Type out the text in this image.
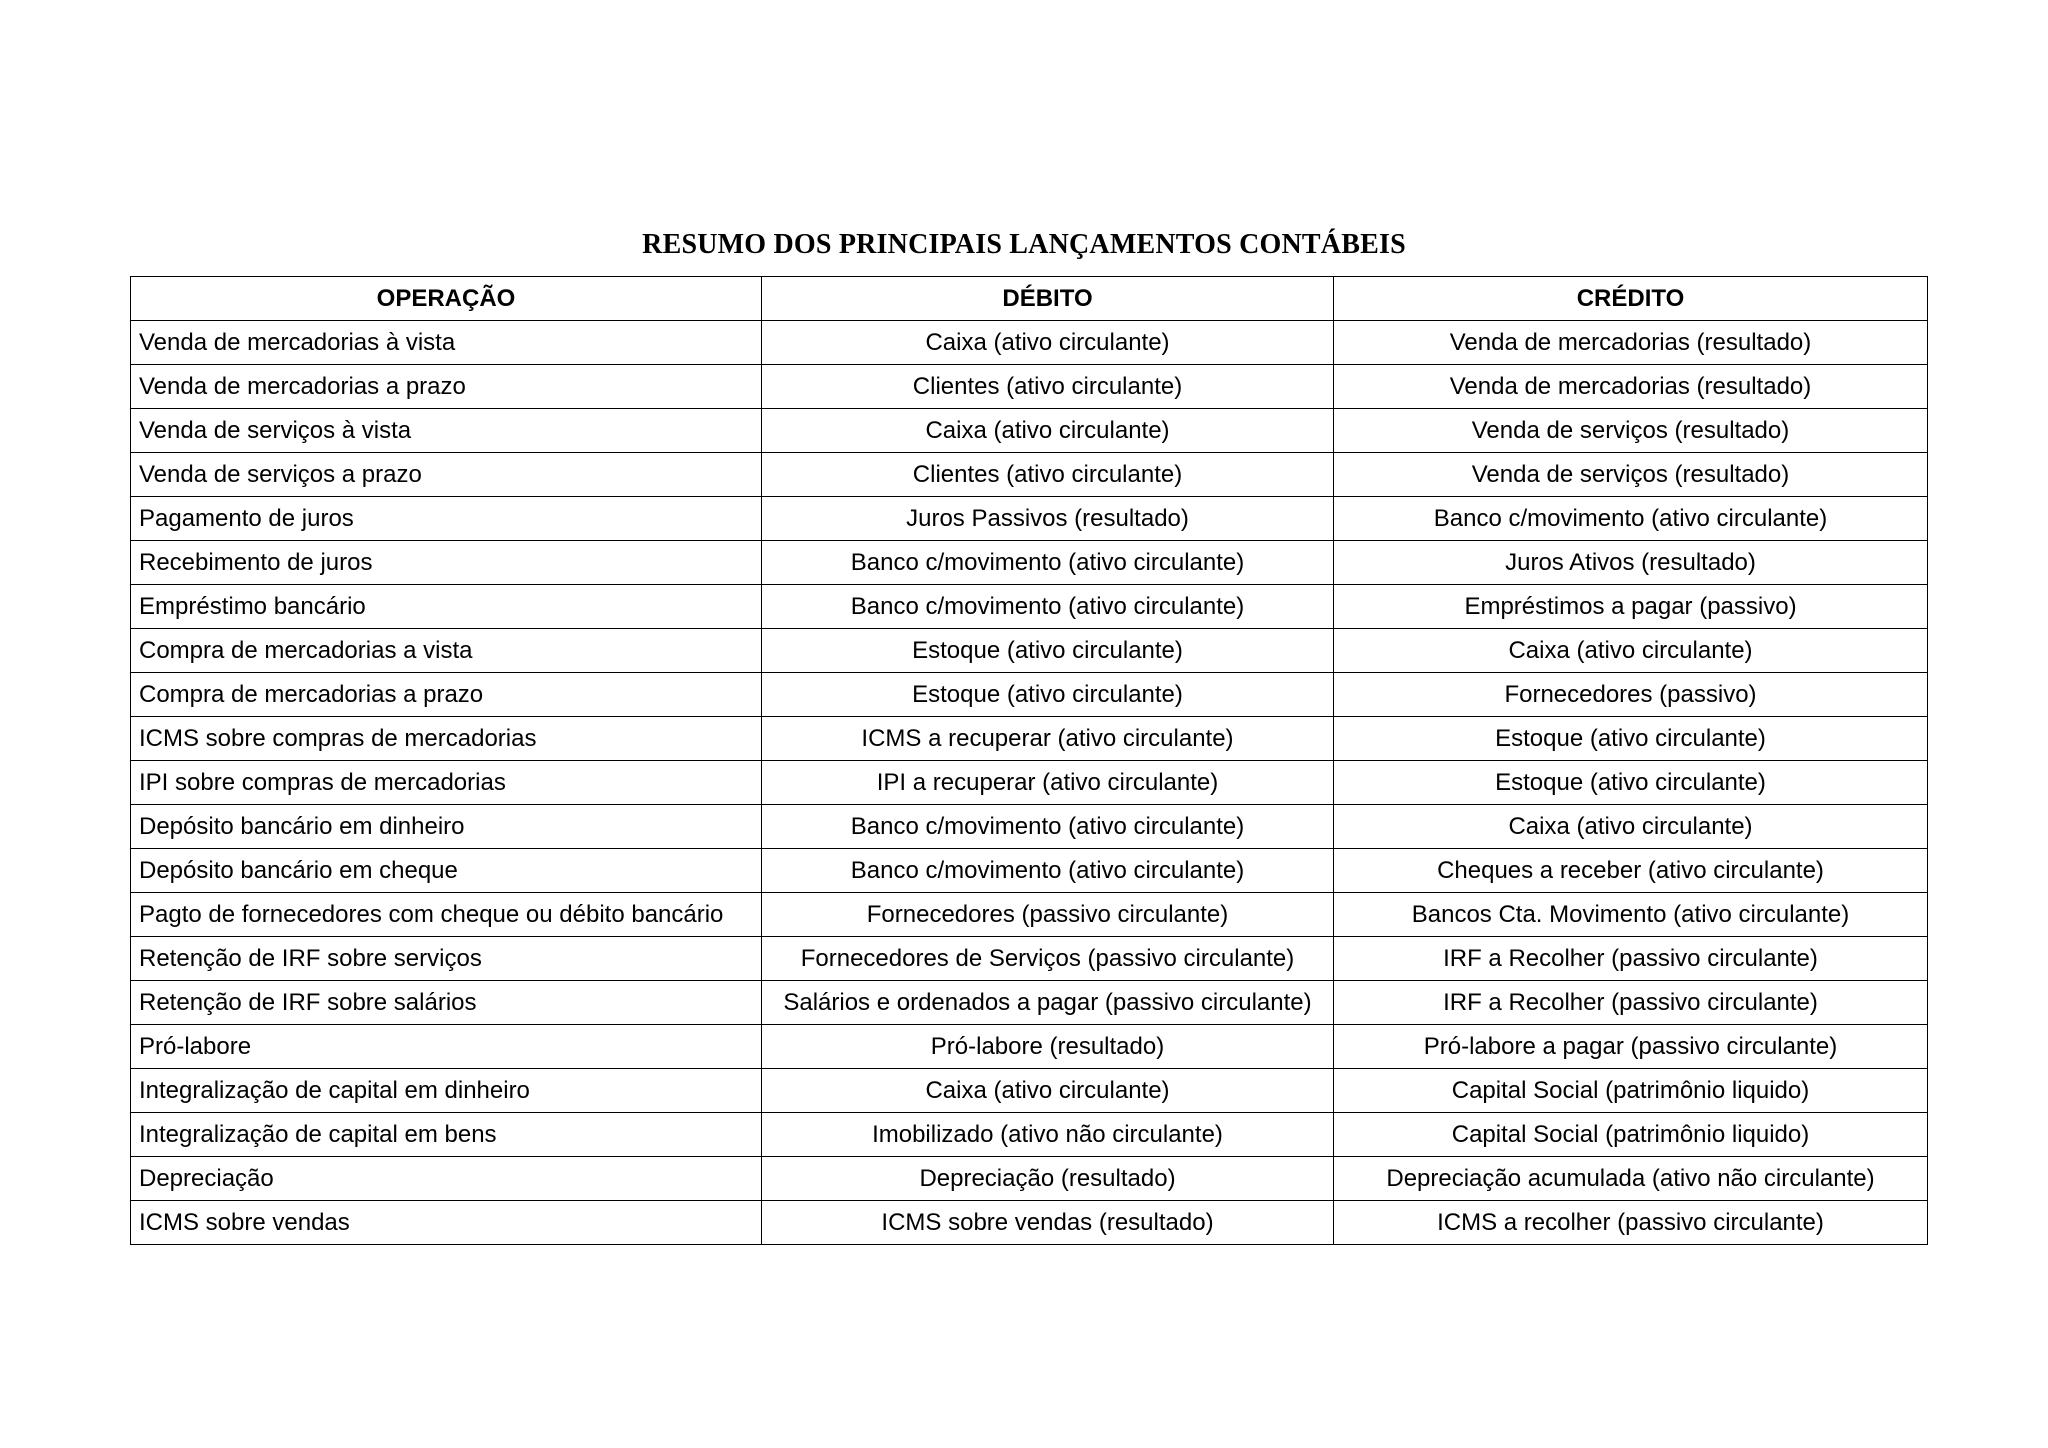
RESUMO DOS PRINCIPAIS LANÇAMENTOS CONTÁBEIS
OPERAÇÃO	DÉBITO	CRÉDITO
Venda de mercadorias à vista	Caixa (ativo circulante)	Venda de mercadorias (resultado)
Venda de mercadorias a prazo	Clientes (ativo circulante)	Venda de mercadorias (resultado)
Venda de serviços à vista	Caixa (ativo circulante)	Venda de serviços (resultado)
Venda de serviços a prazo	Clientes (ativo circulante)	Venda de serviços (resultado)
Pagamento de juros	Juros Passivos (resultado)	Banco c/movimento (ativo circulante)
Recebimento de juros	Banco c/movimento (ativo circulante)	Juros Ativos (resultado)
Empréstimo bancário	Banco c/movimento (ativo circulante)	Empréstimos a pagar (passivo)
Compra de mercadorias a vista	Estoque (ativo circulante)	Caixa (ativo circulante)
Compra de mercadorias a prazo	Estoque (ativo circulante)	Fornecedores (passivo)
ICMS sobre compras de mercadorias	ICMS a recuperar (ativo circulante)	Estoque (ativo circulante)
IPI sobre compras de mercadorias	IPI a recuperar (ativo circulante)	Estoque (ativo circulante)
Depósito bancário em dinheiro	Banco c/movimento (ativo circulante)	Caixa (ativo circulante)
Depósito bancário em cheque	Banco c/movimento (ativo circulante)	Cheques a receber (ativo circulante)
Pagto de fornecedores com cheque ou débito bancário	Fornecedores (passivo circulante)	Bancos Cta. Movimento (ativo circulante)
Retenção de IRF sobre serviços	Fornecedores de Serviços (passivo circulante)	IRF a Recolher (passivo circulante)
Retenção de IRF sobre salários	Salários e ordenados a pagar (passivo circulante)	IRF a Recolher (passivo circulante)
Pró-labore	Pró-labore (resultado)	Pró-labore a pagar (passivo circulante)
Integralização de capital em dinheiro	Caixa (ativo circulante)	Capital Social (patrimônio liquido)
Integralização de capital em bens	Imobilizado (ativo não circulante)	Capital Social (patrimônio liquido)
Depreciação	Depreciação (resultado)	Depreciação acumulada (ativo não circulante)
ICMS sobre vendas	ICMS sobre vendas (resultado)	ICMS a recolher (passivo circulante)
